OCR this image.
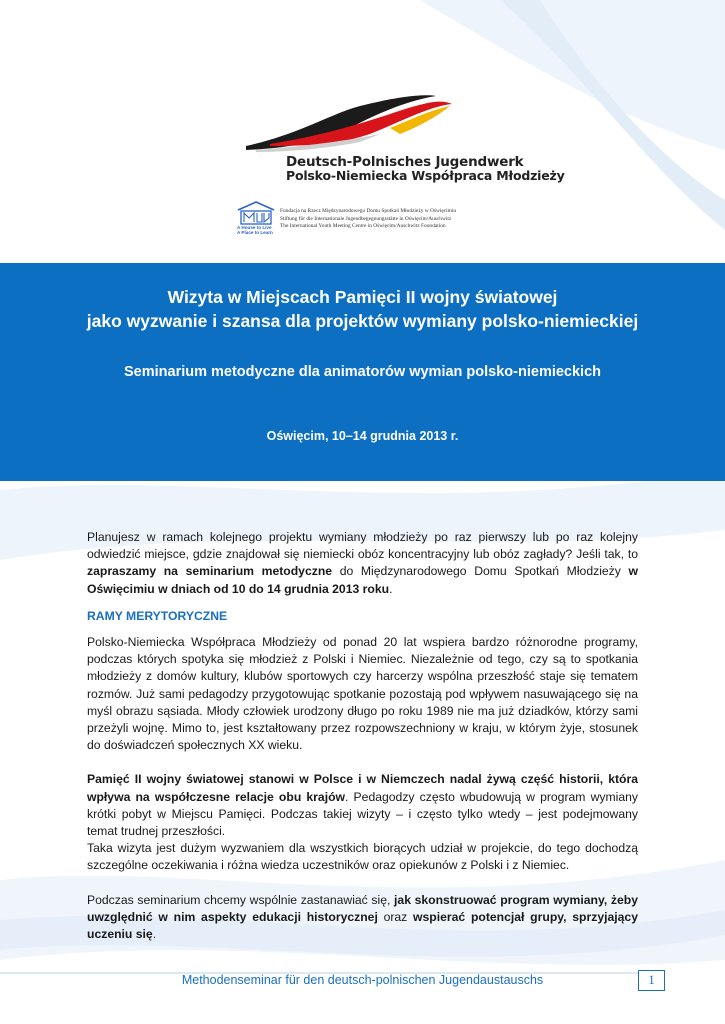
Deutsch-Polnisches Jugendwerk
Polsko-Niemiecka Współpraca Młodzieży
A House to Live
A Place to Learn
Fundacja na Rzecz Międzynarodowego Domu Spotkań Młodzieży w Oświęcimiu
Stiftung für die Internationale Jugendbegegnungsstätte in Oświęcim/Auschwitz
The International Youth Meeting Centre in Oświęcim/Auschwitz Foundation
Wizyta w Miejscach Pamięci II wojny światowej
jako wyzwanie i szansa dla projektów wymiany polsko-niemieckiej
Seminarium metodyczne dla animatorów wymian polsko-niemieckich
Oświęcim, 10–14 grudnia 2013 r.

Planujesz w ramach kolejnego projektu wymiany młodzieży po raz pierwszy lub po raz kolejny odwiedzić miejsce, gdzie znajdował się niemiecki obóz koncentracyjny lub obóz zagłady? Jeśli tak, to zapraszamy na seminarium metodyczne do Międzynarodowego Domu Spotkań Młodzieży w Oświęcimiu w dniach od 10 do 14 grudnia 2013 roku.

RAMY MERYTORYCZNE

Polsko-Niemiecka Współpraca Młodzieży od ponad 20 lat wspiera bardzo różnorodne programy, podczas których spotyka się młodzież z Polski i Niemiec. Niezależnie od tego, czy są to spotkania młodzieży z domów kultury, klubów sportowych czy harcerzy wspólna przeszłość staje się tematem rozmów. Już sami pedagodzy przygotowując spotkanie pozostają pod wpływem nasuwającego się na myśl obrazu sąsiada. Młody człowiek urodzony długo po roku 1989 nie ma już dziadków, którzy sami przeżyli wojnę. Mimo to, jest kształtowany przez rozpowszechniony w kraju, w którym żyje, stosunek do doświadczeń społecznych XX wieku.

Pamięć II wojny światowej stanowi w Polsce i w Niemczech nadal żywą część historii, która wpływa na współczesne relacje obu krajów. Pedagodzy często wbudowują w program wymiany krótki pobyt w Miejscu Pamięci. Podczas takiej wizyty – i często tylko wtedy – jest podejmowany temat trudnej przeszłości.

Taka wizyta jest dużym wyzwaniem dla wszystkich biorących udział w projekcie, do tego dochodzą szczególne oczekiwania i różna wiedza uczestników oraz opiekunów z Polski i z Niemiec.

Podczas seminarium chcemy wspólnie zastanawiać się, jak skonstruować program wymiany, żeby uwzględnić w nim aspekty edukacji historycznej oraz wspierać potencjał grupy, sprzyjający uczeniu się.

Methodenseminar für den deutsch-polnischen Jugendaustauschs	1
